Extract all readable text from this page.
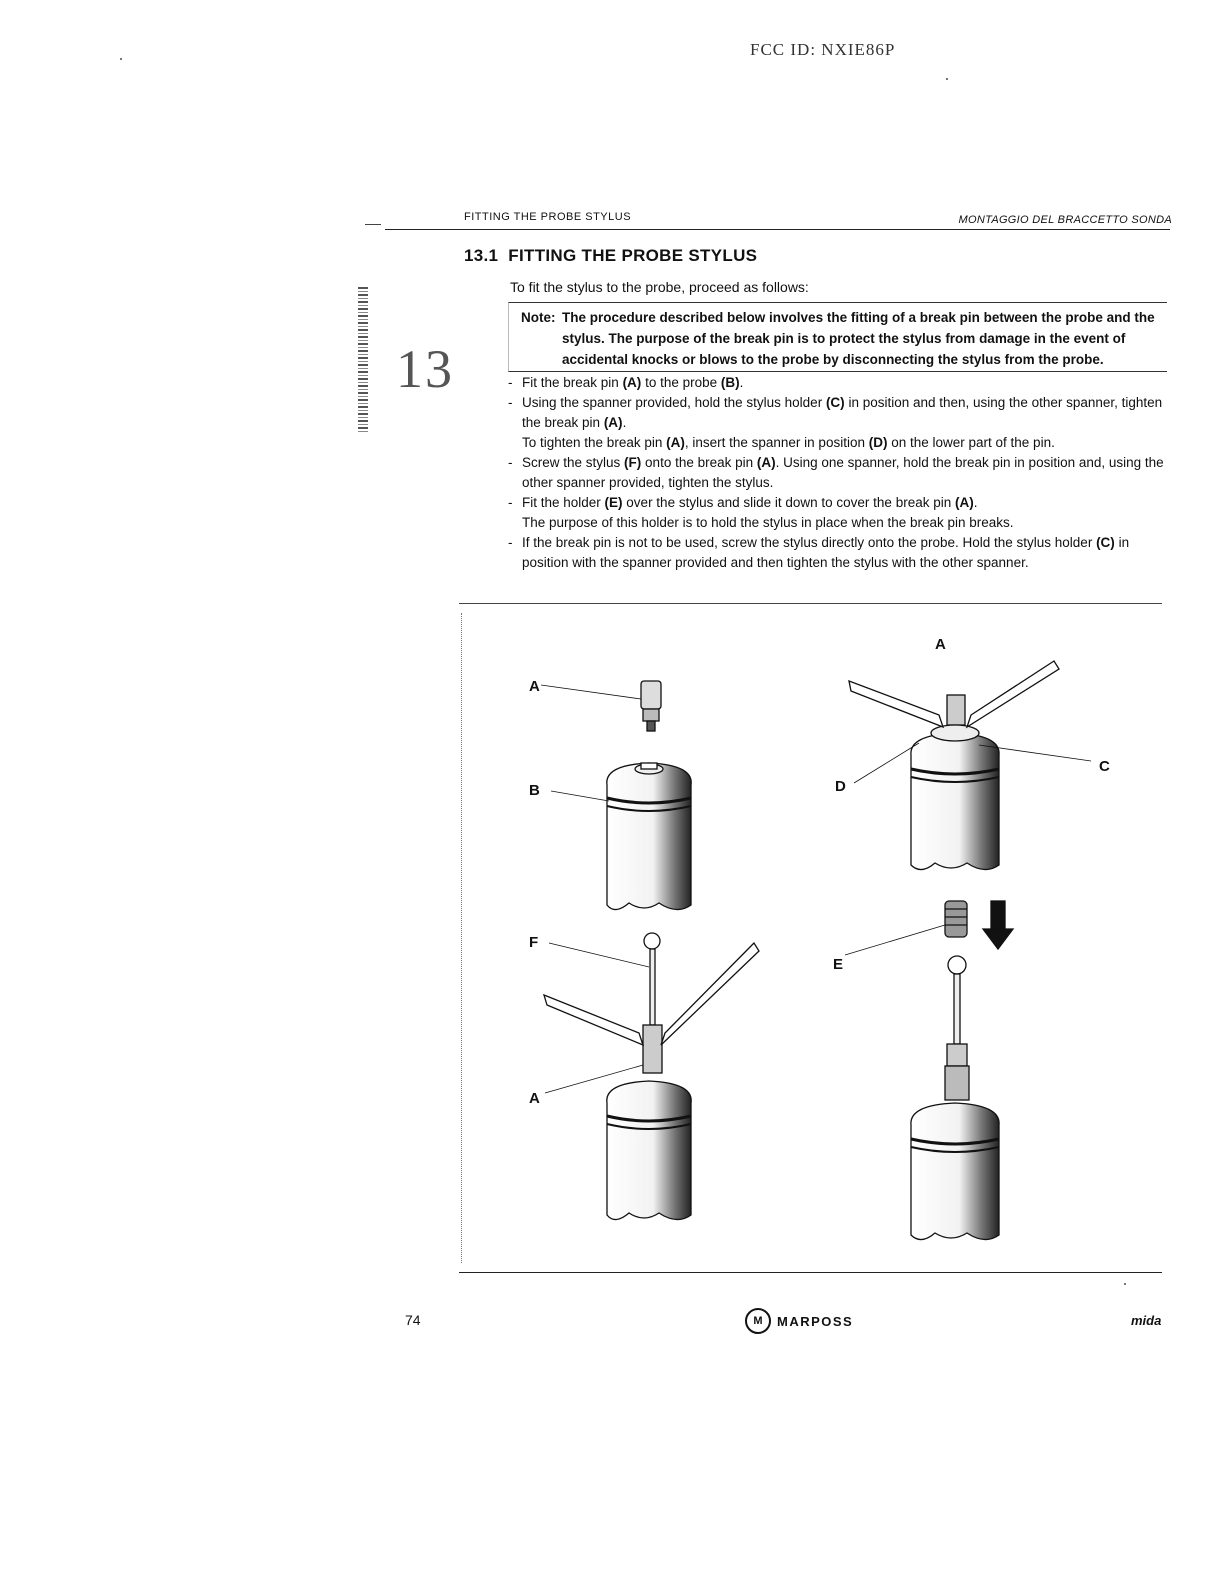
FCC ID: NXIE86P
FITTING THE PROBE STYLUS	MONTAGGIO DEL BRACCETTO SONDA
13
13.1 FITTING THE PROBE STYLUS
To fit the stylus to the probe, proceed as follows:
Note: The procedure described below involves the fitting of a break pin between the probe and the stylus. The purpose of the break pin is to protect the stylus from damage in the event of accidental knocks or blows to the probe by disconnecting the stylus from the probe.
- Fit the break pin (A) to the probe (B).
- Using the spanner provided, hold the stylus holder (C) in position and then, using the other spanner, tighten the break pin (A).
To tighten the break pin (A), insert the spanner in position (D) on the lower part of the pin.
- Screw the stylus (F) onto the break pin (A). Using one spanner, hold the break pin in position and, using the other spanner provided, tighten the stylus.
- Fit the holder (E) over the stylus and slide it down to cover the break pin (A).
The purpose of this holder is to hold the stylus in place when the break pin breaks.
- If the break pin is not to be used, screw the stylus directly onto the probe. Hold the stylus holder (C) in position with the spanner provided and then tighten the stylus with the other spanner.
A
B
F
A
A
D
C
E
74	M	MARPOSS	mida
